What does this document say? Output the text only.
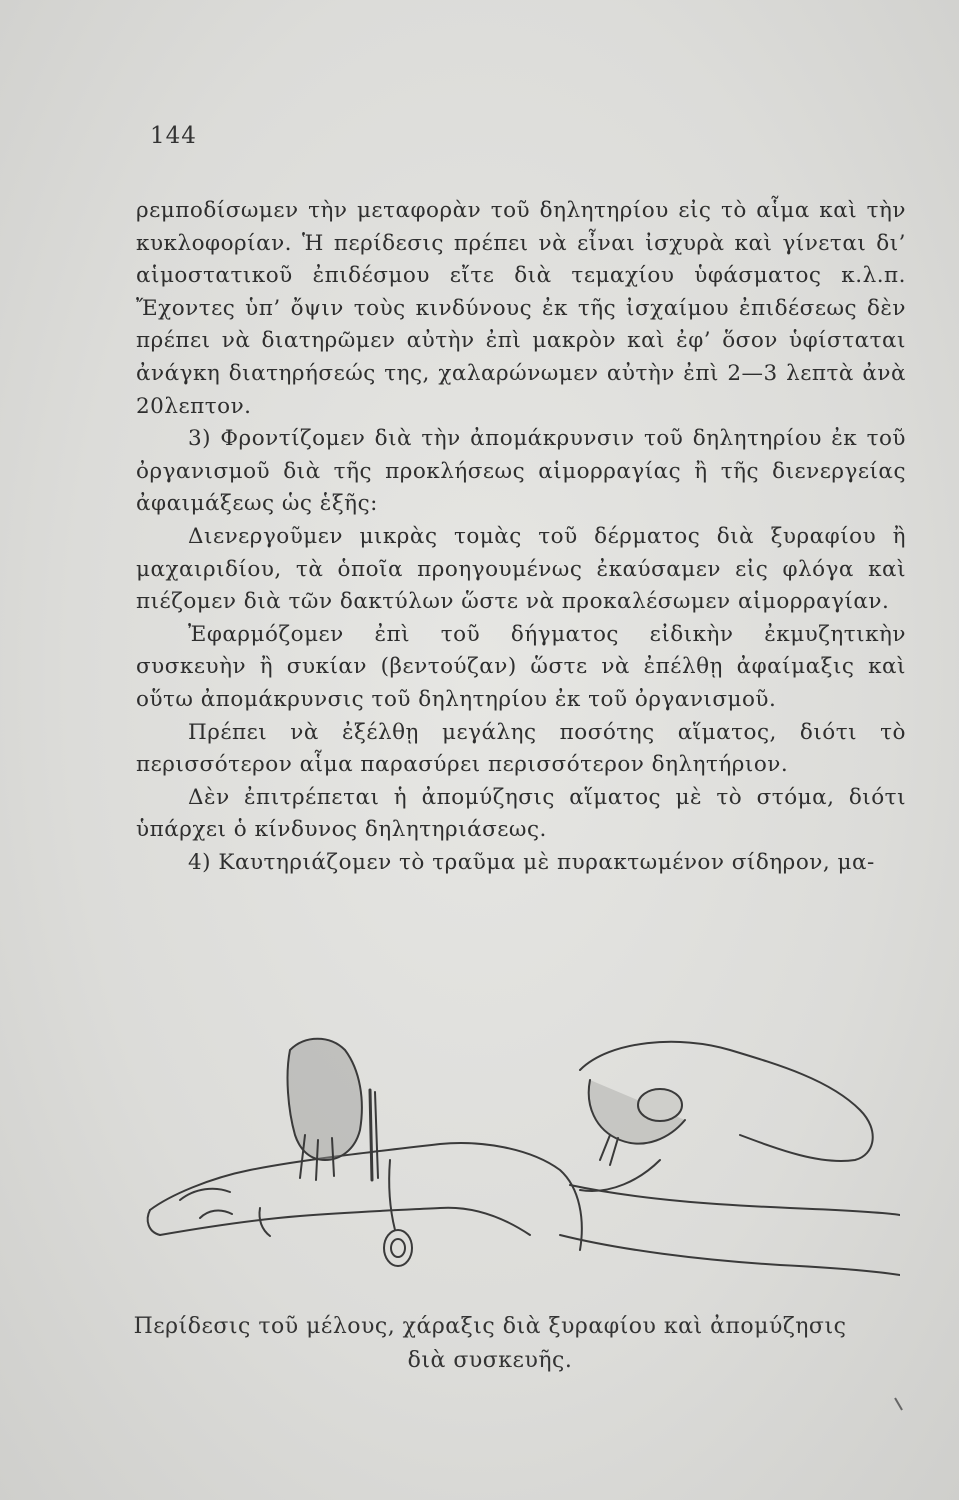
144

ρεμποδίσωμεν τὴν μεταφορὰν τοῦ δηλητηρίου εἰς τὸ αἷμα καὶ τὴν κυκλοφορίαν. Ἡ περίδεσις πρέπει νὰ εἶναι ἰσχυρὰ καὶ γίνεται δι’ αἱμοστατικοῦ ἐπιδέσμου εἴτε διὰ τεμαχίου ὑφάσματος κ.λ.π. Ἔχοντες ὑπ’ ὄψιν τοὺς κινδύνους ἐκ τῆς ἰσχαίμου ἐπιδέσεως δὲν πρέπει νὰ διατηρῶμεν αὐτὴν ἐπὶ μακρὸν καὶ ἐφ’ ὅσον ὑφίσταται ἀνάγκη διατηρήσεώς της, χαλαρώνωμεν αὐτὴν ἐπὶ 2—3 λεπτὰ ἀνὰ 20λεπτον.

3) Φροντίζομεν διὰ τὴν ἀπομάκρυνσιν τοῦ δηλητηρίου ἐκ τοῦ ὀργανισμοῦ διὰ τῆς προκλήσεως αἱμορραγίας ἢ τῆς διενεργείας ἀφαιμάξεως ὡς ἑξῆς:

Διενεργοῦμεν μικρὰς τομὰς τοῦ δέρματος διὰ ξυραφίου ἢ μαχαιριδίου, τὰ ὁποῖα προηγουμένως ἐκαύσαμεν εἰς φλόγα καὶ πιέζομεν διὰ τῶν δακτύλων ὥστε νὰ προκαλέσωμεν αἱμορραγίαν.

Ἐφαρμόζομεν ἐπὶ τοῦ δήγματος εἰδικὴν ἐκμυζητικὴν συσκευὴν ἢ συκίαν (βεντούζαν) ὥστε νὰ ἐπέλθῃ ἀφαίμαξις καὶ οὕτω ἀπομάκρυνσις τοῦ δηλητηρίου ἐκ τοῦ ὀργανισμοῦ.

Πρέπει νὰ ἐξέλθῃ μεγάλης ποσότης αἵματος, διότι τὸ περισσότερον αἷμα παρασύρει περισσότερον δηλητήριον.

Δὲν ἐπιτρέπεται ἡ ἀπομύζησις αἵματος μὲ τὸ στόμα, διότι ὑπάρχει ὁ κίνδυνος δηλητηριάσεως.

4) Καυτηριάζομεν τὸ τραῦμα μὲ πυρακτωμένον σίδηρον, μα-

Περίδεσις τοῦ μέλους, χάραξις διὰ ξυραφίου καὶ ἀπομύζησις
διὰ συσκευῆς.
